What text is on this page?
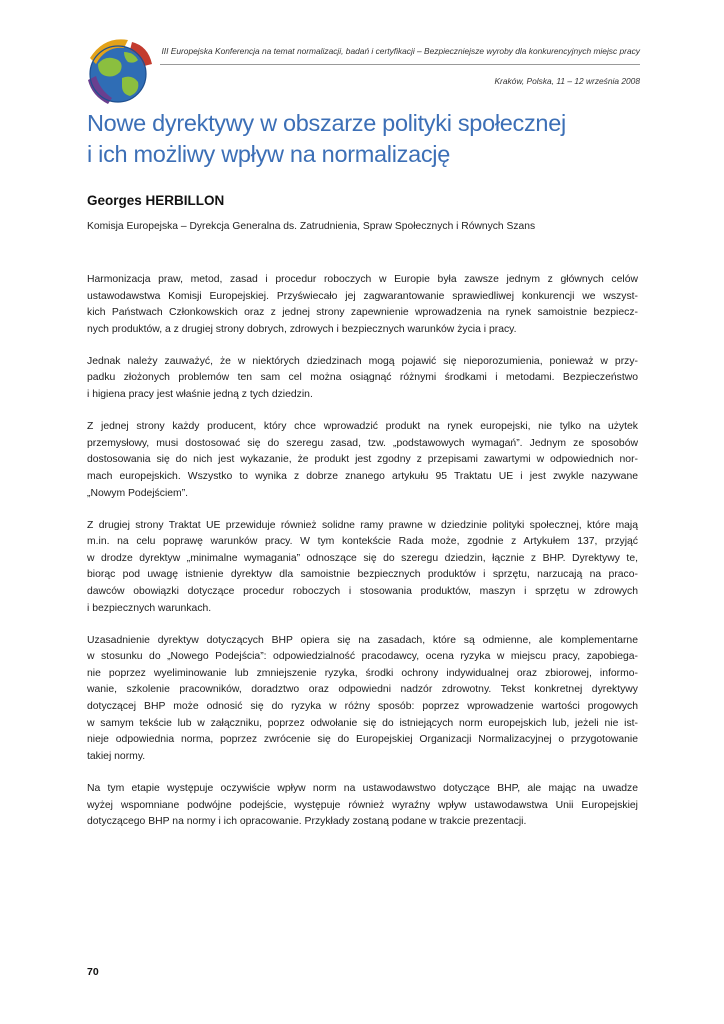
III Europejska Konferencja na temat normalizacji, badań i certyfikacji – Bezpieczniejsze wyroby dla konkurencyjnych miejsc pracy
Kraków, Polska, 11 – 12 września 2008
Nowe dyrektywy w obszarze polityki społecznej
i ich możliwy wpływ na normalizację
Georges HERBILLON
Komisja Europejska – Dyrekcja Generalna ds. Zatrudnienia, Spraw Społecznych i Równych Szans

Harmonizacja praw, metod, zasad i procedur roboczych w Europie była zawsze jednym z głównych celów
ustawodawstwa Komisji Europejskiej. Przyświecało jej zagwarantowanie sprawiedliwej konkurencji we wszyst-
kich Państwach Członkowskich oraz z jednej strony zapewnienie wprowadzenia na rynek samoistnie bezpiecz-
nych produktów, a z drugiej strony dobrych, zdrowych i bezpiecznych warunków życia i pracy.

Jednak należy zauważyć, że w niektórych dziedzinach mogą pojawić się nieporozumienia, ponieważ w przy-
padku złożonych problemów ten sam cel można osiągnąć różnymi środkami i metodami. Bezpieczeństwo
i higiena pracy jest właśnie jedną z tych dziedzin.

Z jednej strony każdy producent, który chce wprowadzić produkt na rynek europejski, nie tylko na użytek
przemysłowy, musi dostosować się do szeregu zasad, tzw. „podstawowych wymagań”. Jednym ze sposobów
dostosowania się do nich jest wykazanie, że produkt jest zgodny z przepisami zawartymi w odpowiednich nor-
mach europejskich. Wszystko to wynika z dobrze znanego artykułu 95 Traktatu UE i jest zwykle nazywane
„Nowym Podejściem”.

Z drugiej strony Traktat UE przewiduje również solidne ramy prawne w dziedzinie polityki społecznej, które mają
m.in. na celu poprawę warunków pracy. W tym kontekście Rada może, zgodnie z Artykułem 137, przyjąć
w drodze dyrektyw „minimalne wymagania” odnoszące się do szeregu dziedzin, łącznie z BHP. Dyrektywy te,
biorąc pod uwagę istnienie dyrektyw dla samoistnie bezpiecznych produktów i sprzętu, narzucają na praco-
dawców obowiązki dotyczące procedur roboczych i stosowania produktów, maszyn i sprzętu w zdrowych
i bezpiecznych warunkach.

Uzasadnienie dyrektyw dotyczących BHP opiera się na zasadach, które są odmienne, ale komplementarne
w stosunku do „Nowego Podejścia”: odpowiedzialność pracodawcy, ocena ryzyka w miejscu pracy, zapobiega-
nie poprzez wyeliminowanie lub zmniejszenie ryzyka, środki ochrony indywidualnej oraz zbiorowej, informo-
wanie, szkolenie pracowników, doradztwo oraz odpowiedni nadzór zdrowotny. Tekst konkretnej dyrektywy
dotyczącej BHP może odnosić się do ryzyka w różny sposób: poprzez wprowadzenie wartości progowych
w samym tekście lub w załączniku, poprzez odwołanie się do istniejących norm europejskich lub, jeżeli nie ist-
nieje odpowiednia norma, poprzez zwrócenie się do Europejskiej Organizacji Normalizacyjnej o przygotowanie
takiej normy.

Na tym etapie występuje oczywiście wpływ norm na ustawodawstwo dotyczące BHP, ale mając na uwadze
wyżej wspomniane podwójne podejście, występuje również wyraźny wpływ ustawodawstwa Unii Europejskiej
dotyczącego BHP na normy i ich opracowanie. Przykłady zostaną podane w trakcie prezentacji.

70
